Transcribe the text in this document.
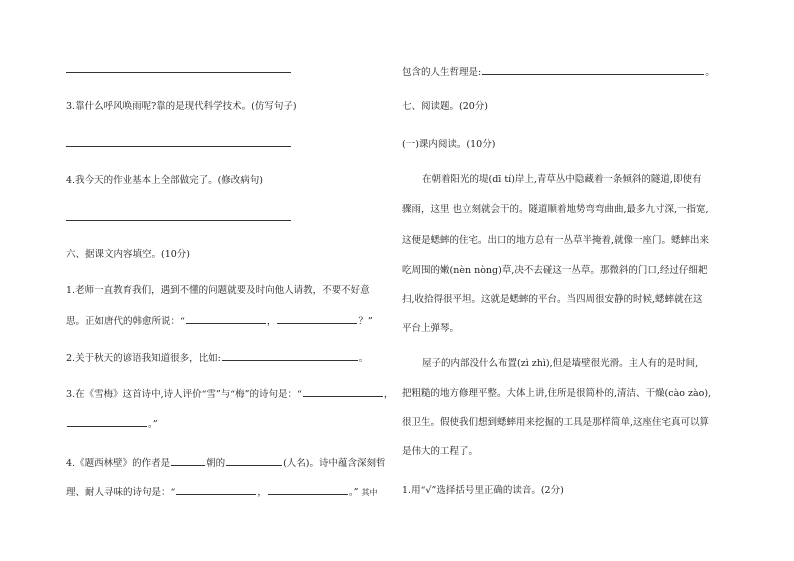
3.靠什么呼风唤雨呢?靠的是现代科学技术。(仿写句子)
4.我今天的作业基本上全部做完了。(修改病句)
六、据课文内容填空。(10分)
1.老师一直教育我们，遇到不懂的问题就要及时向他人请教，不要不好意
思。正如唐代的韩愈所说：“	，	？”
2.关于秋天的谚语我知道很多，比如:	。
3.在《雪梅》这首诗中,诗人评价“雪”与“梅”的诗句是：“	，
。”
4.《题西林壁》的作者是	朝的	(人名)。诗中蕴含深刻哲
理、耐人寻味的诗句是：“	，	。” 其中
包含的人生哲理是:	。
七、阅读题。(20分)
(一)课内阅读。(10分)
在朝着阳光的堤(dī tí)岸上,青草丛中隐藏着一条倾斜的隧道,即使有
骤雨，这里 也立刻就会干的。隧道顺着地势弯弯曲曲,最多九寸深,一指宽,
这便是蟋蟀的住宅。出口的地方总有一丛草半掩着,就像一座门。蟋蟀出来
吃周围的嫩(nèn nòng)草,决不去碰这一丛草。那微斜的门口,经过仔细耙
扫,收拾得很平坦。这就是蟋蟀的平台。当四周很安静的时候,蟋蟀就在这
平台上弹琴。
屋子的内部没什么布置(zì zhì),但是墙壁很光滑。主人有的是时间,
把粗糙的地方修理平整。大体上讲,住所是很简朴的,清洁、干燥(cào zào),
很卫生。假使我们想到蟋蟀用来挖掘的工具是那样简单,这座住宅真可以算
是伟大的工程了。
1.用“√”选择括号里正确的读音。(2分)
